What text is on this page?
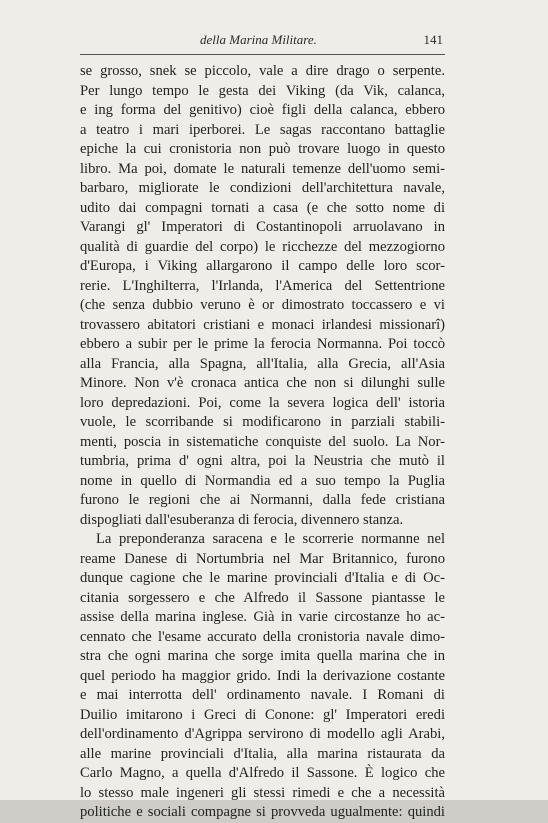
della Marina Militare.	141
se grosso, snek se piccolo, vale a dire drago o serpente.
Per lungo tempo le gesta dei Viking (da Vik, calanca,
e ing forma del genitivo) cioè figli della calanca, ebbero
a teatro i mari iperborei. Le sagas raccontano battaglie
epiche la cui cronistoria non può trovare luogo in questo
libro. Ma poi, domate le naturali temenze dell'uomo semi-
barbaro, migliorate le condizioni dell'architettura navale,
udito dai compagni tornati a casa (e che sotto nome di
Varangi gl' Imperatori di Costantinopoli arruolavano in
qualità di guardie del corpo) le ricchezze del mezzogiorno
d'Europa, i Viking allargarono il campo delle loro scor-
rerie. L'Inghilterra, l'Irlanda, l'America del Settentrione
(che senza dubbio veruno è or dimostrato toccassero e vi
trovassero abitatori cristiani e monaci irlandesi missionarî)
ebbero a subir per le prime la ferocia Normanna. Poi toccò
alla Francia, alla Spagna, all'Italia, alla Grecia, all'Asia
Minore. Non v'è cronaca antica che non si dilunghi sulle
loro depredazioni. Poi, come la severa logica dell' istoria
vuole, le scorribande si modificarono in parziali stabili-
menti, poscia in sistematiche conquiste del suolo. La Nor-
tumbria, prima d' ogni altra, poi la Neustria che mutò il
nome in quello di Normandia ed a suo tempo la Puglia
furono le regioni che ai Normanni, dalla fede cristiana
dispogliati dall'esuberanza di ferocia, divennero stanza.
La preponderanza saracena e le scorrerie normanne nel
reame Danese di Nortumbria nel Mar Britannico, furono
dunque cagione che le marine provinciali d'Italia e di Oc-
citania sorgessero e che Alfredo il Sassone piantasse le
assise della marina inglese. Già in varie circostanze ho ac-
cennato che l'esame accurato della cronistoria navale dimo-
stra che ogni marina che sorge imita quella marina che in
quel periodo ha maggior grido. Indi la derivazione costante
e mai interrotta dell' ordinamento navale. I Romani di
Duilio imitarono i Greci di Conone: gl' Imperatori eredi
dell'ordinamento d'Agrippa servirono di modello agli Arabi,
alle marine provinciali d'Italia, alla marina ristaurata da
Carlo Magno, a quella d'Alfredo il Sassone. È logico che
lo stesso male ingeneri gli stessi rimedi e che a necessità
politiche e sociali compagne si provveda ugualmente: quindi
